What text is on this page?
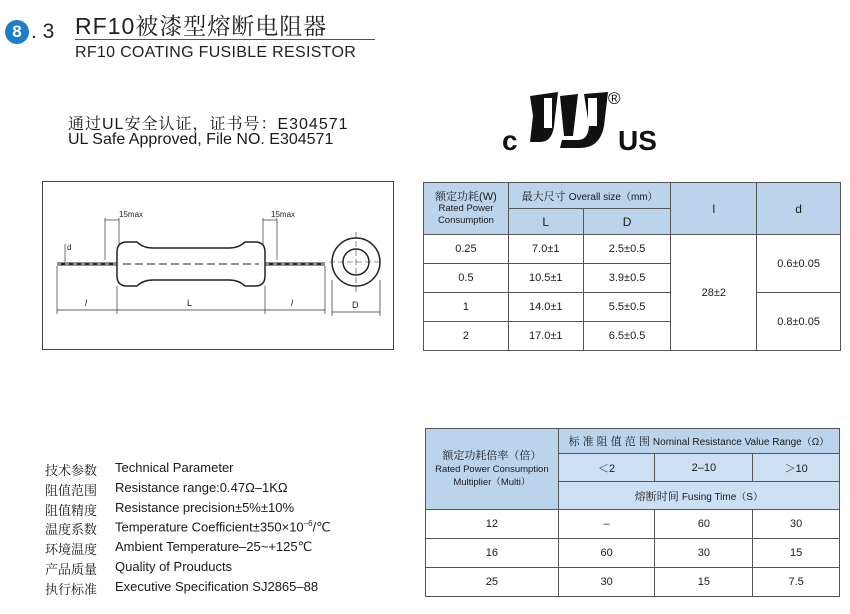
8 . 3 RF10被漆型熔断电阻器
RF10 COATING FUSIBLE RESISTOR
通过UL安全认证，证书号：E304571
UL Safe Approved, File NO. E304571	c	US
®
15max	15max
d
l	L	l	D
额定功耗(W)
Rated Power
Consumption	最大尺寸 Overall size（mm）		l	d
	L	D		
0.25	7.0±1	2.5±0.5	28±2	0.6±0.05
0.5	10.5±1	3.9±0.5		
1	14.0±1	5.5±0.5		0.8±0.05
2	17.0±1	6.5±0.5		
额定功耗倍率（倍）
Rated Power Consumption
Multiplier（Multi）	标 准 阻 值 范 围 Nominal Resistance Value Range（Ω）		
	＜2	2–10	＞10
	熔断时间 Fusing Time（S）		
12	–	60	30
16	60	30	15
25	30	15	7.5
技术参数	Technical Parameter
阻值范围	Resistance range:0.47Ω–1KΩ
阻值精度	Resistance precision±5%±10%
温度系数	Temperature $Coefficient\pm 350\times 10^{-6}/℃$
环境温度	Ambient Temperature–25~+125℃
产品质量	Quality of Prouducts
执行标准	Executive Specification SJ2865–88
